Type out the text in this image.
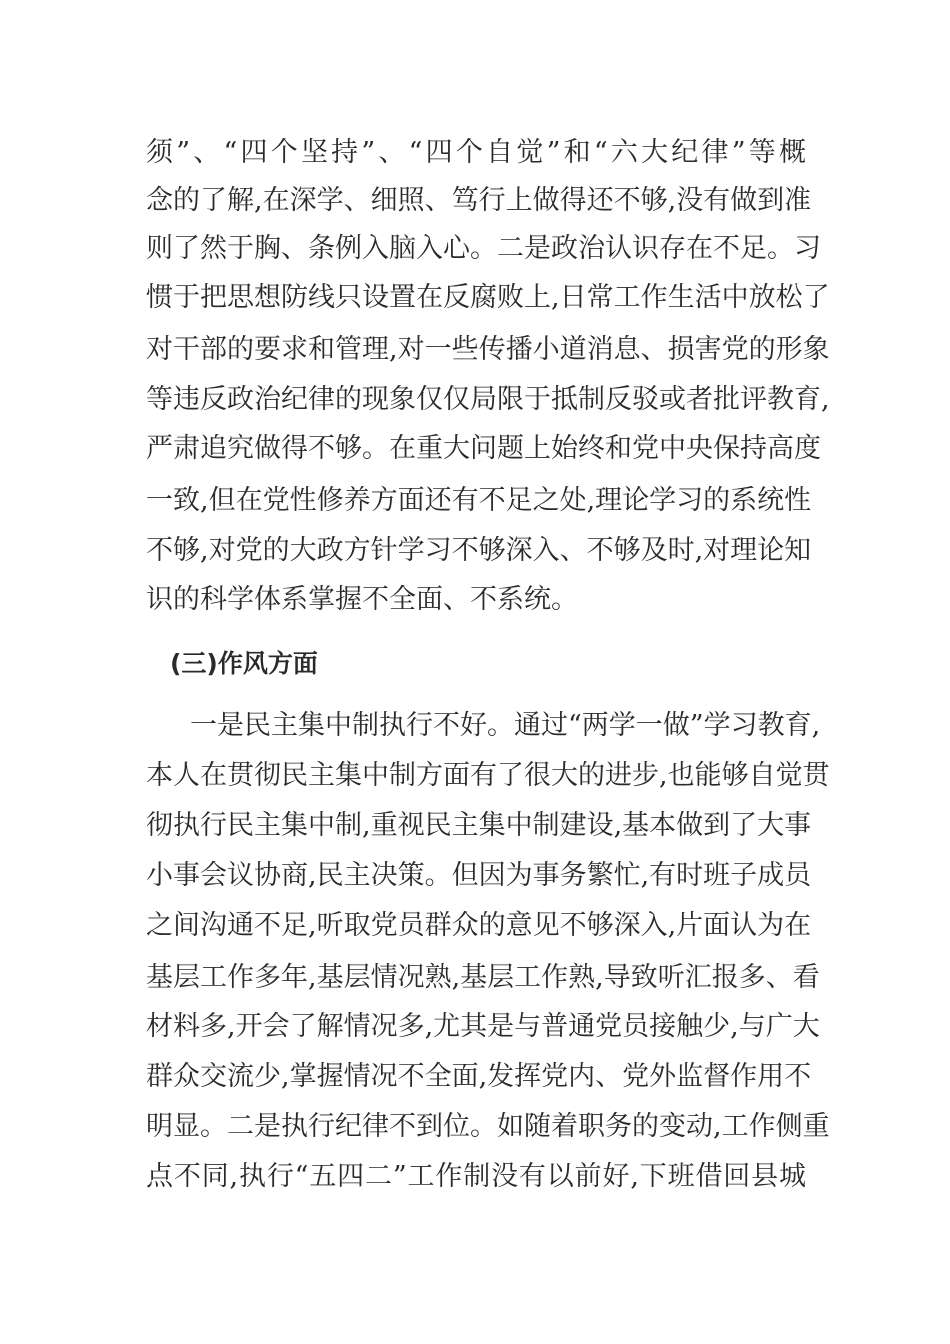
须”、“四个坚持”、“四个自觉”和“六大纪律”等概
念的了解,在深学、细照、笃行上做得还不够,没有做到准
则了然于胸、条例入脑入心。二是政治认识存在不足。习
惯于把思想防线只设置在反腐败上,日常工作生活中放松了
对干部的要求和管理,对一些传播小道消息、损害党的形象
等违反政治纪律的现象仅仅局限于抵制反驳或者批评教育,
严肃追究做得不够。在重大问题上始终和党中央保持高度
一致,但在党性修养方面还有不足之处,理论学习的系统性
不够,对党的大政方针学习不够深入、不够及时,对理论知
识的科学体系掌握不全面、不系统。
(三)作风方面
一是民主集中制执行不好。通过“两学一做”学习教育,
本人在贯彻民主集中制方面有了很大的进步,也能够自觉贯
彻执行民主集中制,重视民主集中制建设,基本做到了大事
小事会议协商,民主决策。但因为事务繁忙,有时班子成员
之间沟通不足,听取党员群众的意见不够深入,片面认为在
基层工作多年,基层情况熟,基层工作熟,导致听汇报多、看
材料多,开会了解情况多,尤其是与普通党员接触少,与广大
群众交流少,掌握情况不全面,发挥党内、党外监督作用不
明显。二是执行纪律不到位。如随着职务的变动,工作侧重
点不同,执行“五四二”工作制没有以前好,下班借回县城
